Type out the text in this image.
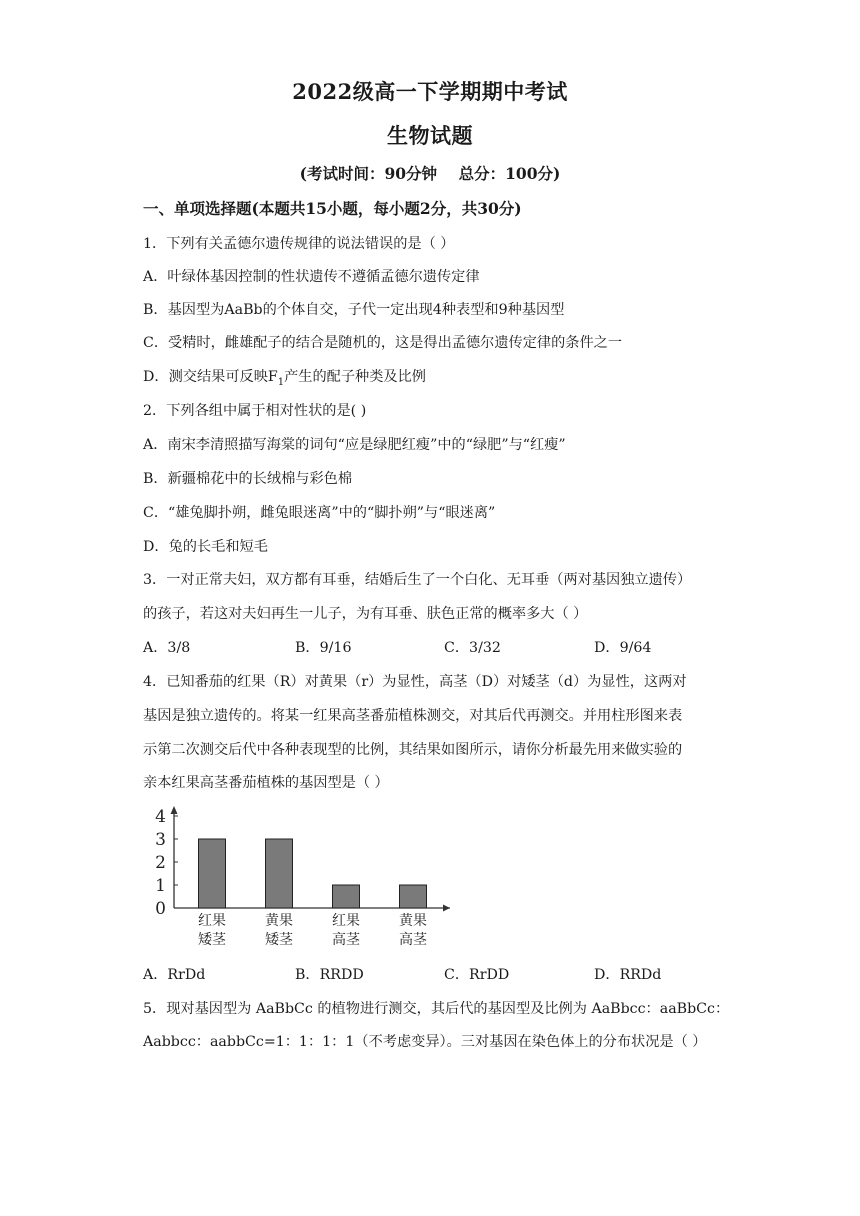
2022级高一下学期期中考试
生物试题
(考试时间：90分钟    总分：100分)
一、单项选择题(本题共15小题，每小题2分，共30分)
1．下列有关孟德尔遗传规律的说法错误的是（ ）
A．叶绿体基因控制的性状遗传不遵循孟德尔遗传定律
B．基因型为AaBb的个体自交，子代一定出现4种表型和9种基因型
C．受精时，雌雄配子的结合是随机的，这是得出孟德尔遗传定律的条件之一
D．测交结果可反映$F_1$产生的配子种类及比例
2．下列各组中属于相对性状的是( )
A．南宋李清照描写海棠的词句“应是绿肥红瘦”中的“绿肥”与“红瘦”
B．新疆棉花中的长绒棉与彩色棉
C．“雄兔脚扑朔，雌兔眼迷离”中的“脚扑朔”与“眼迷离”
D．兔的长毛和短毛
3．一对正常夫妇，双方都有耳垂，结婚后生了一个白化、无耳垂（两对基因独立遗传）
的孩子，若这对夫妇再生一儿子，为有耳垂、肤色正常的概率多大（ ）
A．3/8	B．9/16	C．3/32	D．9/64
4．已知番茄的红果（R）对黄果（r）为显性，高茎（D）对矮茎（d）为显性，这两对
基因是独立遗传的。将某一红果高茎番茄植株测交，对其后代再测交。并用柱形图来表
示第二次测交后代中各种表现型的比例，其结果如图所示，请你分析最先用来做实验的
亲本红果高茎番茄植株的基因型是（ ）
0
1
2
3
4
红果
矮茎
黄果
矮茎
红果
高茎
黄果
高茎
A．RrDd	B．RRDD	C．RrDD	D．RRDd
5．现对基因型为 AaBbCc 的植物进行测交，其后代的基因型及比例为 AaBbcc：aaBbCc：
Aabbcc：aabbCc=1：1：1：1（不考虑变异）。三对基因在染色体上的分布状况是（ ）
